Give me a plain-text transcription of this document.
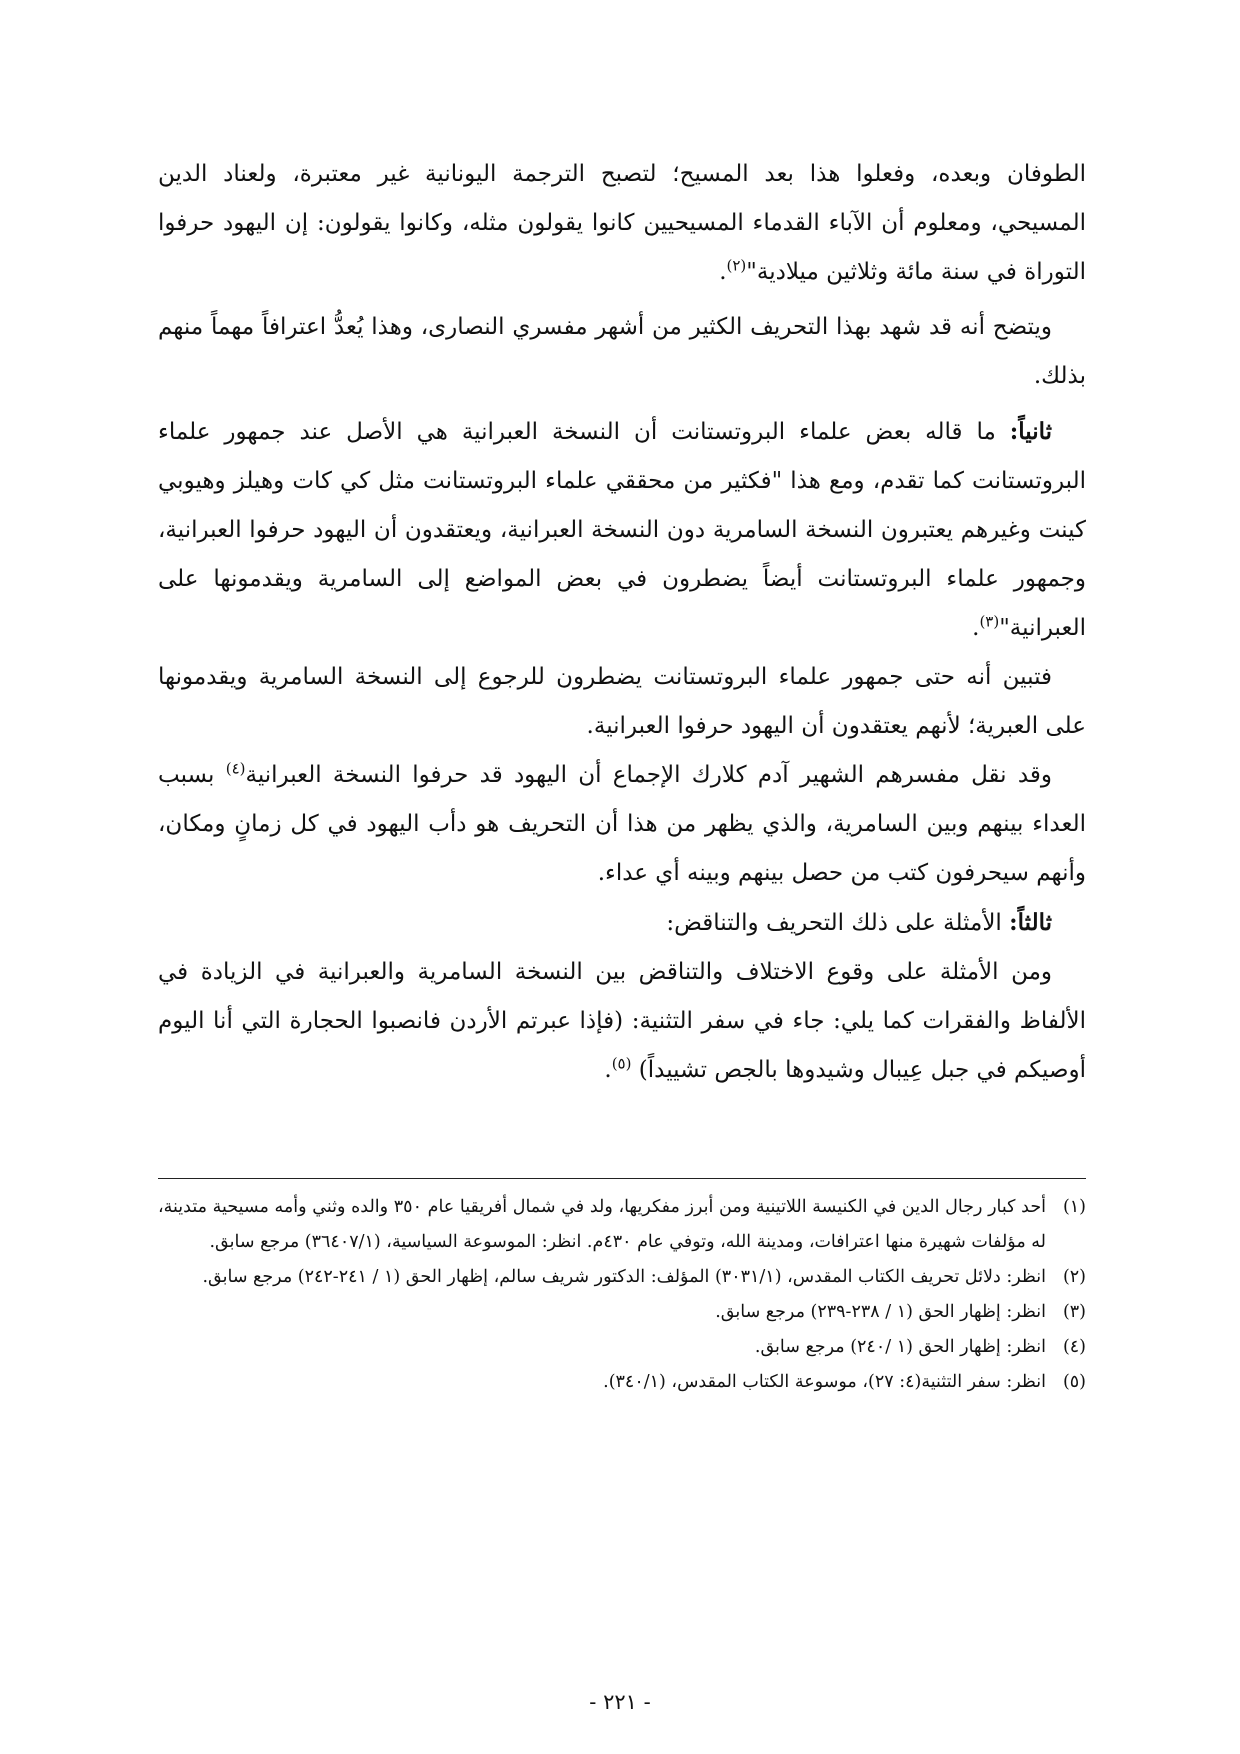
الطوفان وبعده، وفعلوا هذا بعد المسيح؛ لتصبح الترجمة اليونانية غير معتبرة، ولعناد الدين المسيحي، ومعلوم أن الآباء القدماء المسيحيين كانوا يقولون مثله، وكانوا يقولون: إن اليهود حرفوا التوراة في سنة مائة وثلاثين ميلادية"$^{(٢)}$.

ويتضح أنه قد شهد بهذا التحريف الكثير من أشهر مفسري النصارى، وهذا يُعدُّ اعترافاً مهماً منهم بذلك.

ثانياً: ما قاله بعض علماء البروتستانت أن النسخة العبرانية هي الأصل عند جمهور علماء البروتستانت كما تقدم، ومع هذا "فكثير من محققي علماء البروتستانت مثل كي كات وهيلز وهيوبي كينت وغيرهم يعتبرون النسخة السامرية دون النسخة العبرانية، ويعتقدون أن اليهود حرفوا العبرانية، وجمهور علماء البروتستانت أيضاً يضطرون في بعض المواضع إلى السامرية ويقدمونها على العبرانية"$^{(٣)}$.

فتبين أنه حتى جمهور علماء البروتستانت يضطرون للرجوع إلى النسخة السامرية ويقدمونها على العبرية؛ لأنهم يعتقدون أن اليهود حرفوا العبرانية.

وقد نقل مفسرهم الشهير آدم كلارك الإجماع أن اليهود قد حرفوا النسخة العبرانية$^{(٤)}$ بسبب العداء بينهم وبين السامرية، والذي يظهر من هذا أن التحريف هو دأب اليهود في كل زمانٍ ومكان، وأنهم سيحرفون كتب من حصل بينهم وبينه أي عداء.

ثالثاً: الأمثلة على ذلك التحريف والتناقض:

ومن الأمثلة على وقوع الاختلاف والتناقض بين النسخة السامرية والعبرانية في الزيادة في الألفاظ والفقرات كما يلي: جاء في سفر التثنية: (فإذا عبرتم الأردن فانصبوا الحجارة التي أنا اليوم أوصيكم في جبل عِيبال وشيدوها بالجص تشييداً) $^{(٥)}$.

(١)أحد كبار رجال الدين في الكنيسة اللاتينية ومن أبرز مفكريها، ولد في شمال أفريقيا عام ٣٥٠ والده وثني وأمه مسيحية متدينة، له مؤلفات شهيرة منها اعترافات، ومدينة الله، وتوفي عام ٤٣٠م. انظر: الموسوعة السياسية، (٣٦٤٠٧/١) مرجع سابق.

(٢)انظر: دلائل تحريف الكتاب المقدس، (٣٠٣١/١) المؤلف: الدكتور شريف سالم، إظهار الحق (١ / ٢٤١-٢٤٢) مرجع سابق.

(٣)انظر: إظهار الحق (١ / ٢٣٨-٢٣٩) مرجع سابق.

(٤)انظر: إظهار الحق (١ /٢٤٠) مرجع سابق.

(٥)انظر: سفر التثنية(٤: ٢٧)، موسوعة الكتاب المقدس، (٣٤٠/١).

- ٢٢١ -
